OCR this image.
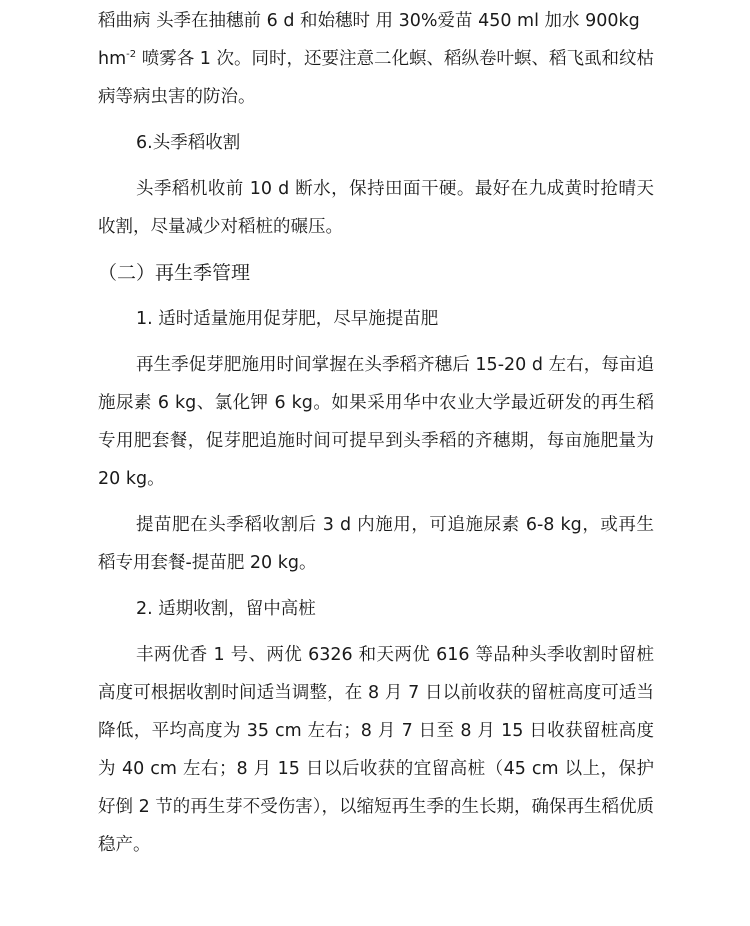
稻曲病 头季在抽穗前 6 d 和始穗时 用 30%爱苗 450 ml 加水 900kg
$hm^{-2}$ 喷雾各 1 次。同时，还要注意二化螟、稻纵卷叶螟、稻飞虱和纹枯病等病虫害的防治。

6.头季稻收割

头季稻机收前 10 d 断水，保持田面干硬。最好在九成黄时抢晴天收割，尽量减少对稻桩的碾压。

（二）再生季管理

1. 适时适量施用促芽肥，尽早施提苗肥

再生季促芽肥施用时间掌握在头季稻齐穗后 15-20 d 左右，每亩追施尿素 6 kg、氯化钾 6 kg。如果采用华中农业大学最近研发的再生稻专用肥套餐，促芽肥追施时间可提早到头季稻的齐穗期，每亩施肥量为 20 kg。

提苗肥在头季稻收割后 3 d 内施用，可追施尿素 6-8 kg，或再生稻专用套餐-提苗肥 20 kg。

2. 适期收割，留中高桩

丰两优香 1 号、两优 6326 和天两优 616 等品种头季收割时留桩高度可根据收割时间适当调整，在 8 月 7 日以前收获的留桩高度可适当降低，平均高度为 35 cm 左右；8 月 7 日至 8 月 15 日收获留桩高度为 40 cm 左右；8 月 15 日以后收获的宜留高桩（45 cm 以上，保护好倒 2 节的再生芽不受伤害），以缩短再生季的生长期，确保再生稻优质稳产。
